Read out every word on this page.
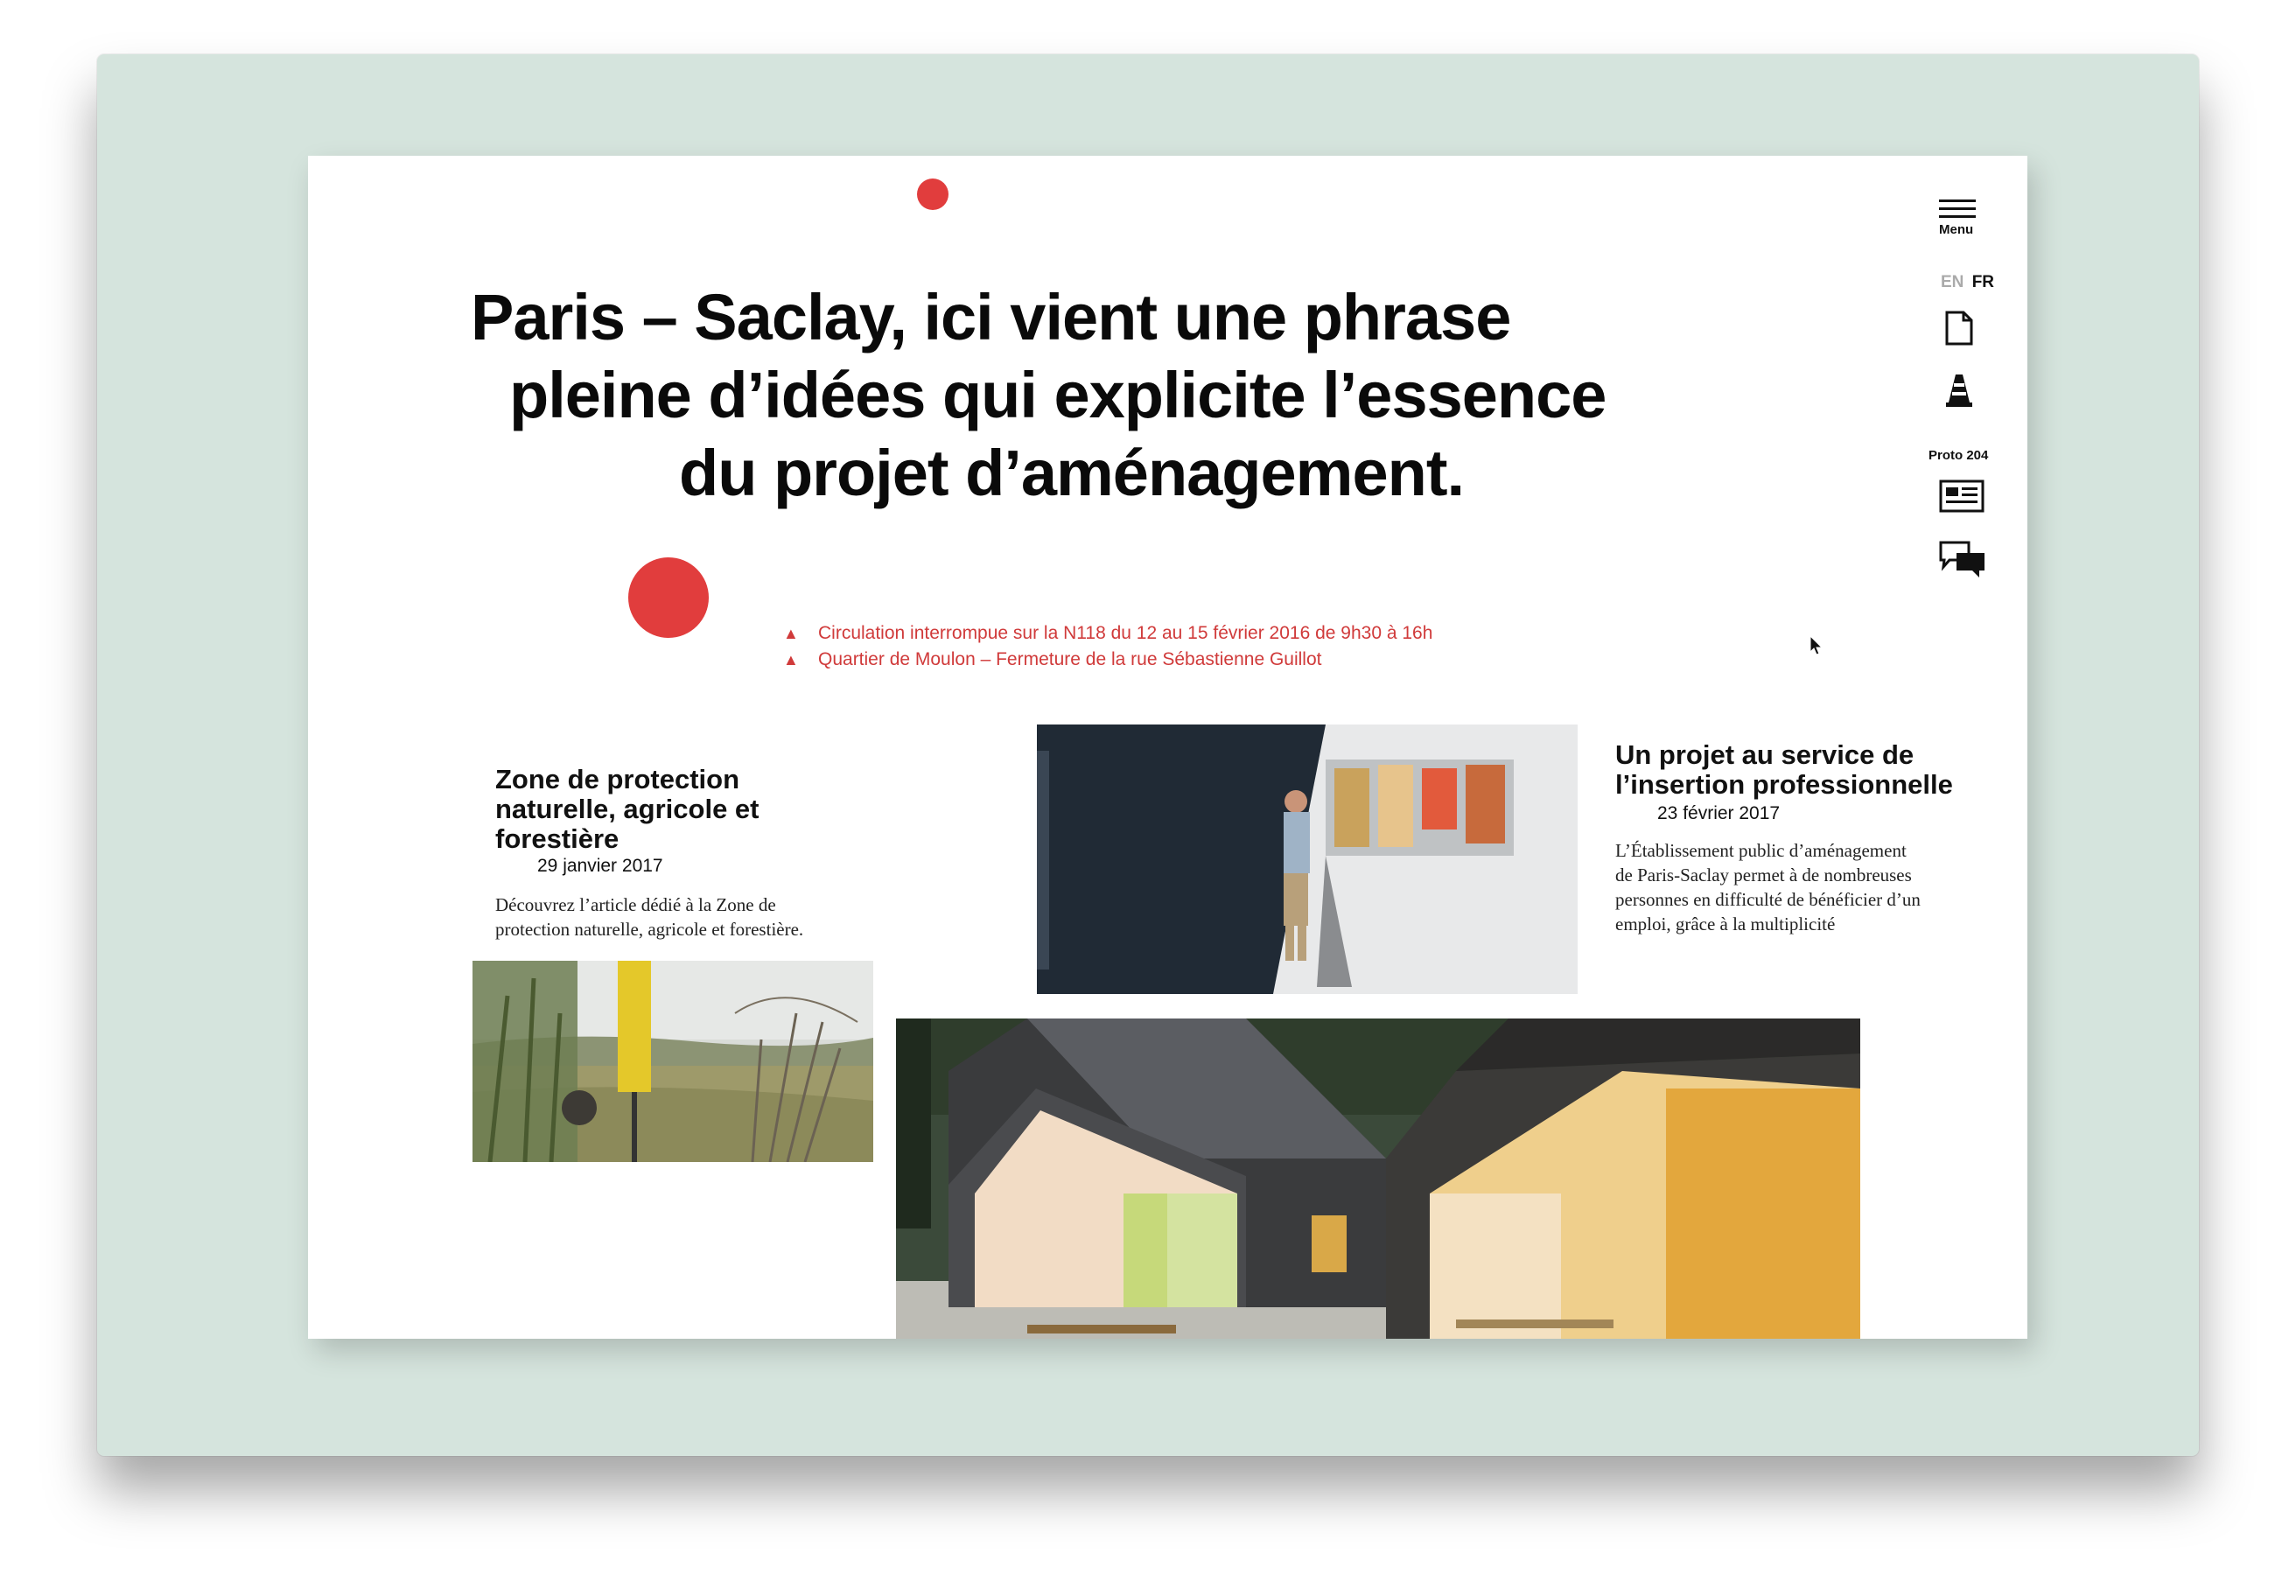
Paris – Saclay, ici vient une phrase
pleine d’idées qui explicite l’essence
du projet d’aménagement.
▲ Circulation interrompue sur la N118 du 12 au 15 février 2016 de 9h30 à 16h
▲ Quartier de Moulon – Fermeture de la rue Sébastienne Guillot
Zone de protection
naturelle, agricole et
forestière
29 janvier 2017
Découvrez l’article dédié à la Zone de
protection naturelle, agricole et forestière.
Un projet au service de
l’insertion professionnelle
23 février 2017
L’Établissement public d’aménagement
de Paris-Saclay permet à de nombreuses
personnes en difficulté de bénéficier d’un
emploi, grâce à la multiplicité
Menu
EN FR
Proto 204
